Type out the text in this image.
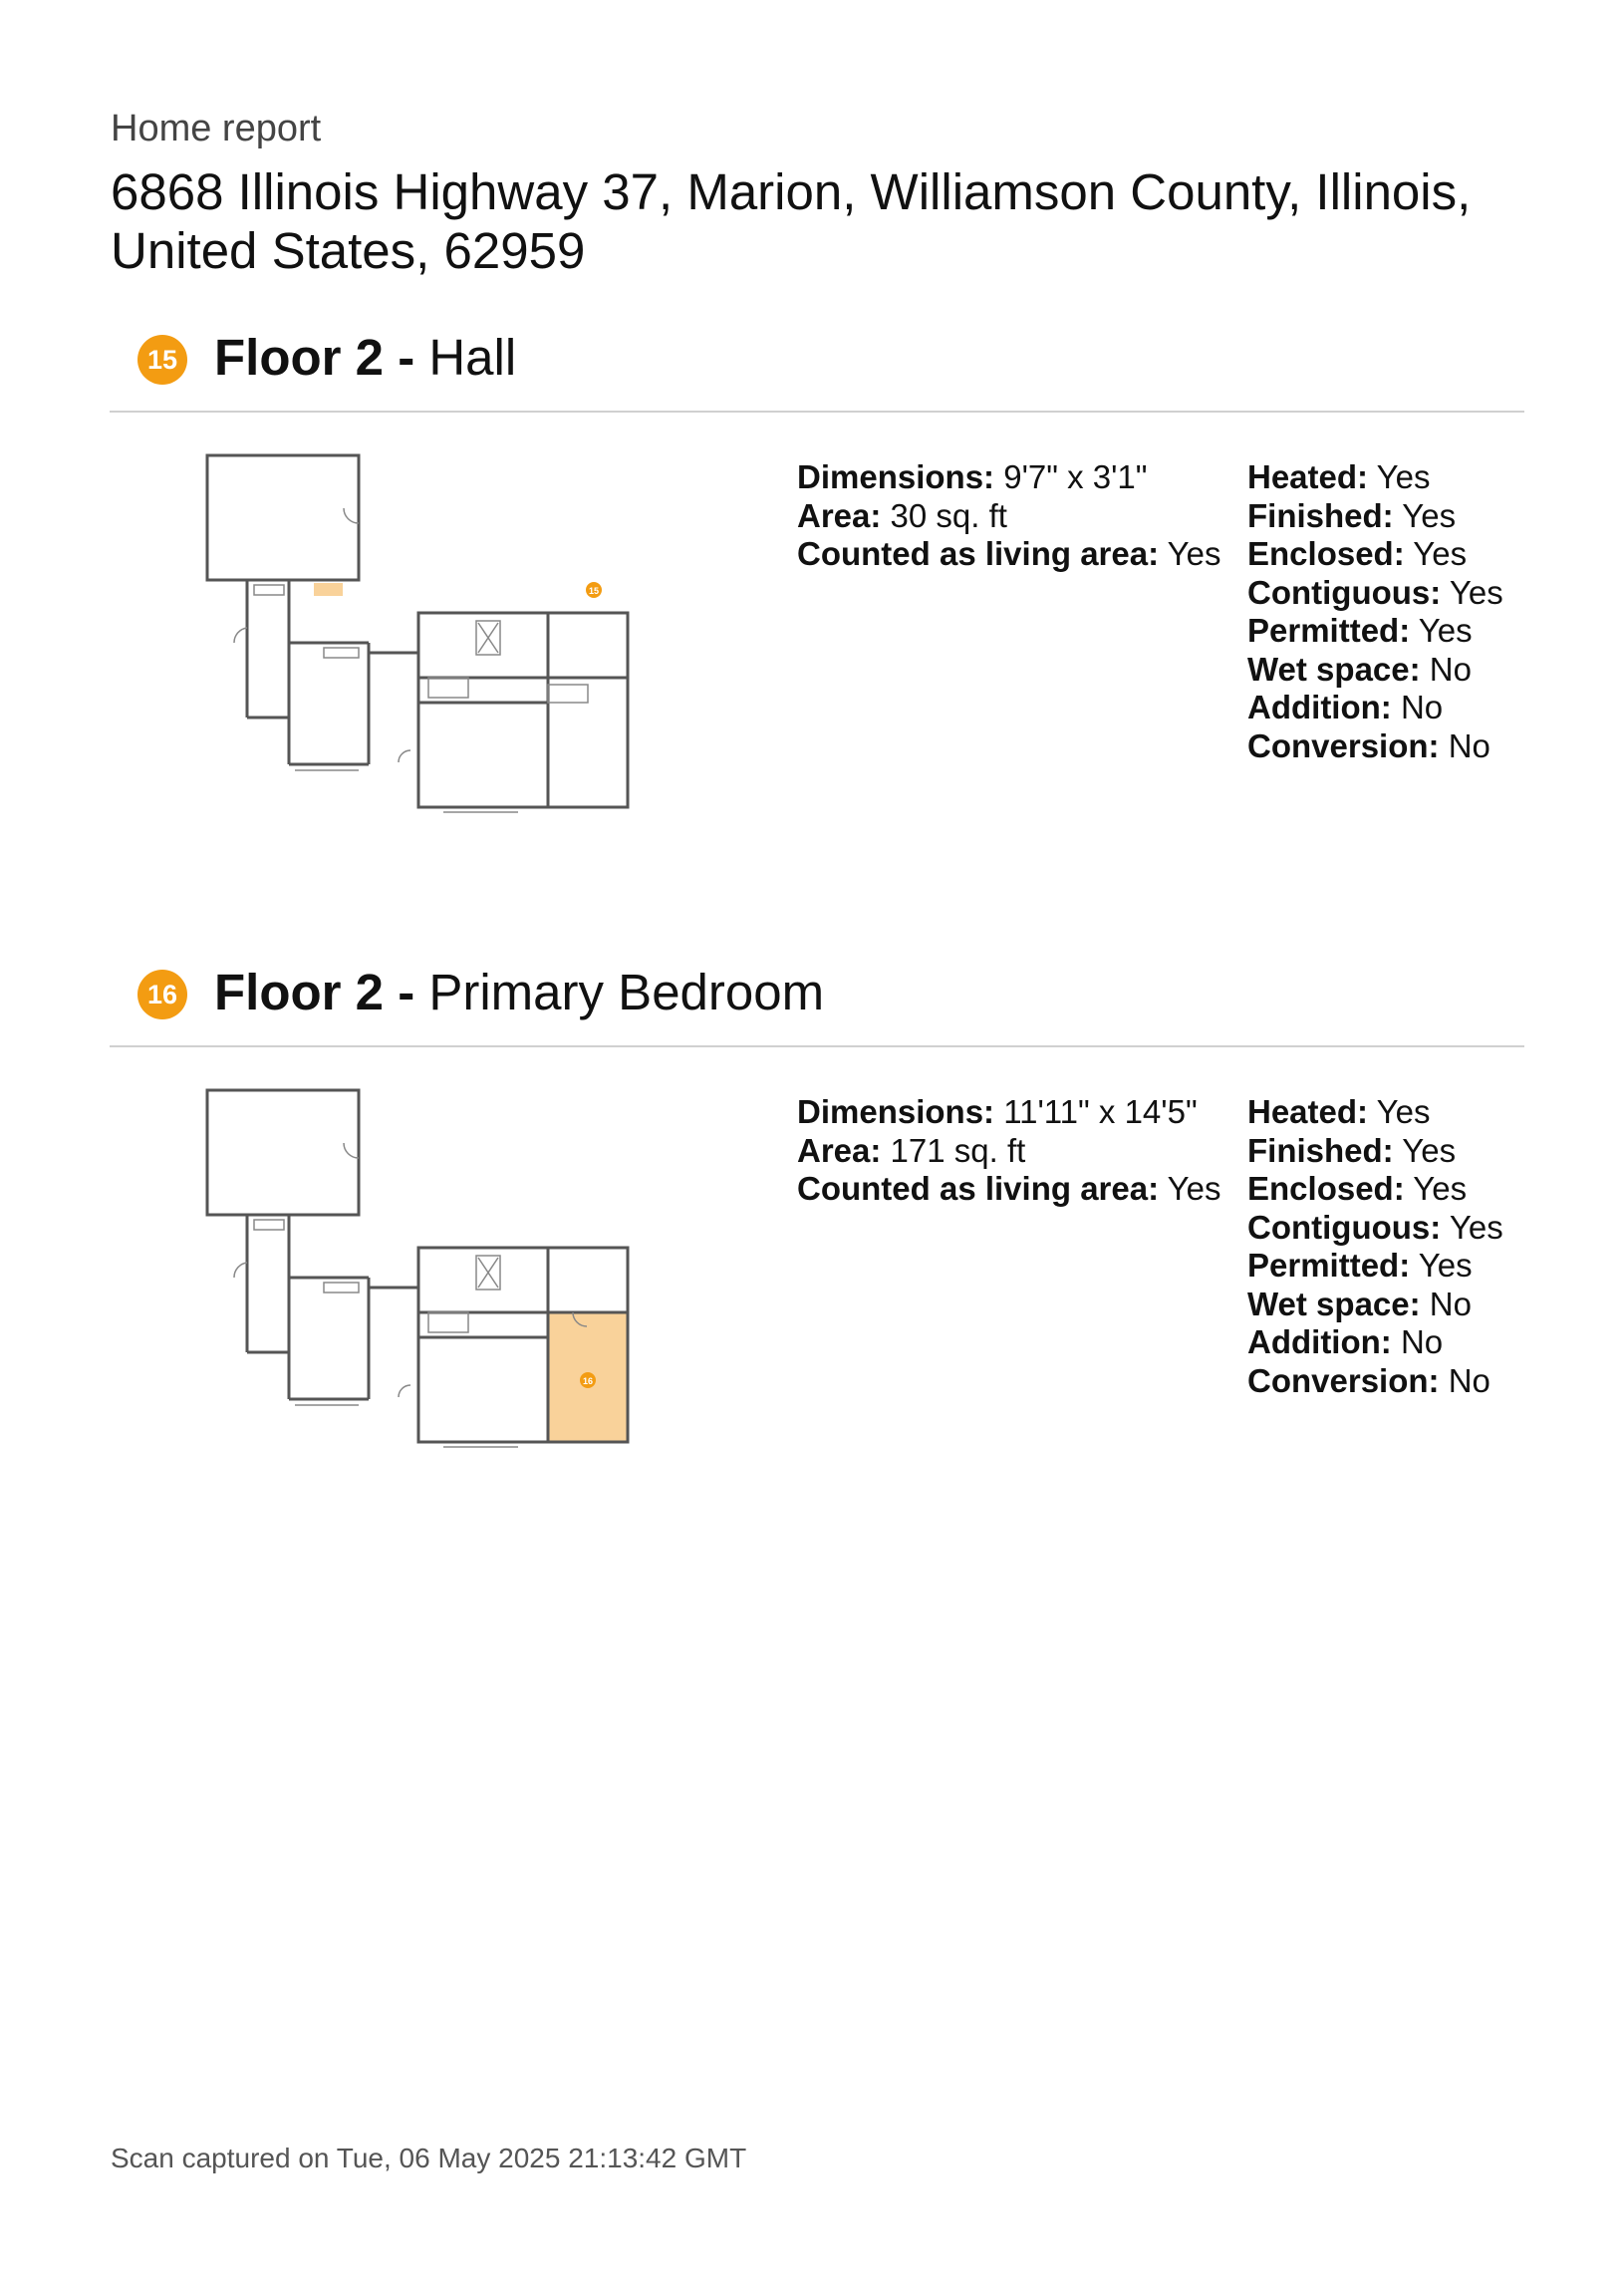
Home report
6868 Illinois Highway 37, Marion, Williamson County, Illinois, United States, 62959
15 Floor 2 - Hall
15
Dimensions: 9'7" x 3'1"
Area: 30 sq. ft
Counted as living area: Yes
Heated: Yes
Finished: Yes
Enclosed: Yes
Contiguous: Yes
Permitted: Yes
Wet space: No
Addition: No
Conversion: No
16 Floor 2 - Primary Bedroom
16
Dimensions: 11'11" x 14'5"
Area: 171 sq. ft
Counted as living area: Yes
Heated: Yes
Finished: Yes
Enclosed: Yes
Contiguous: Yes
Permitted: Yes
Wet space: No
Addition: No
Conversion: No
Scan captured on Tue, 06 May 2025 21:13:42 GMT
